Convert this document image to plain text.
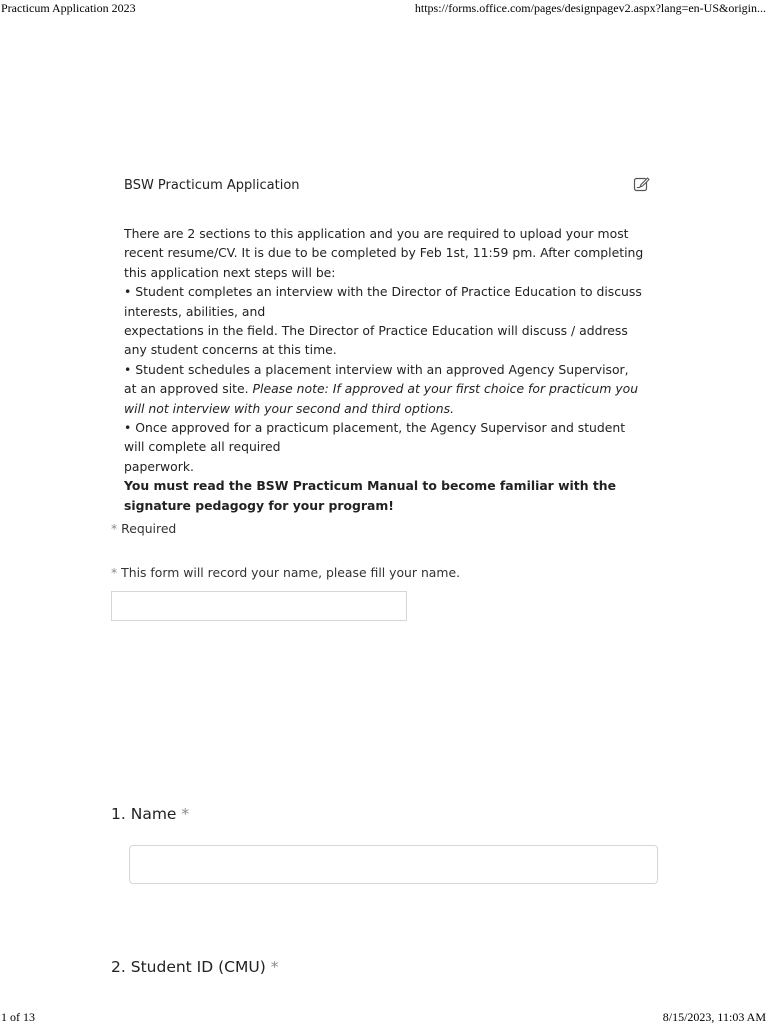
Practicum Application 2023	https://forms.office.com/pages/designpagev2.aspx?lang=en-US&origin...
BSW Practicum Application

There are 2 sections to this application and you are required to upload your most recent resume/CV. It is due to be completed by Feb 1st, 11:59 pm. After completing this application next steps will be:

• Student completes an interview with the Director of Practice Education to discuss interests, abilities, and

expectations in the field. The Director of Practice Education will discuss / address any student concerns at this time.

• Student schedules a placement interview with an approved Agency Supervisor, at an approved site. Please note: If approved at your first choice for practicum you will not interview with your second and third options.

• Once approved for a practicum placement, the Agency Supervisor and student will complete all required

paperwork.

You must read the BSW Practicum Manual to become familiar with the signature pedagogy for your program!

* Required
* This form will record your name, please fill your name.
1. Name *
2. Student ID (CMU) *
1 of 13	8/15/2023, 11:03 AM
